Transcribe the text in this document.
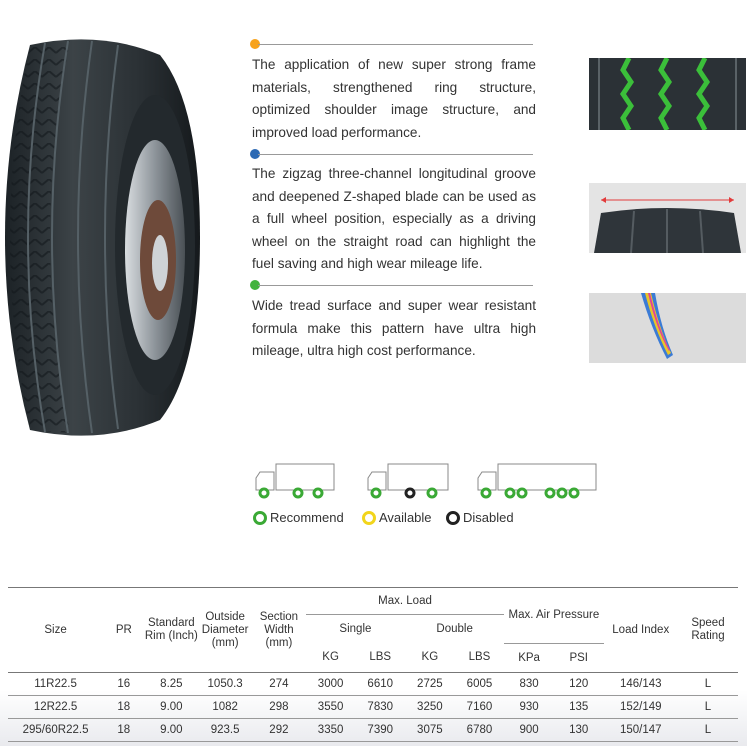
The application of new super strong frame materials, strengthened ring structure, optimized shoulder image structure, and improved load performance.
The zigzag three-channel longitudinal groove and deepened Z-shaped blade can be used as a full wheel position, especially as a driving wheel on the straight road can highlight the fuel saving and high wear mileage life.
Wide tread surface and super wear resistant formula make this pattern have ultra high mileage, ultra high cost performance.
Recommend	Available Disabled
Size	PR	Standard Rim (Inch)	Outside Diameter (mm)	Section Width (mm)	Max. Load				Max. Air Pressure		Load Index	Speed Rating
					Single		Double					
					KG	LBS	KG	LBS	KPa	PSI		
11R22.5	16	8.25	1050.3	274	3000	6610	2725	6005	830	120	146/143	L
12R22.5	18	9.00	1082	298	3550	7830	3250	7160	930	135	152/149	L
295/60R22.5	18	9.00	923.5	292	3350	7390	3075	6780	900	130	150/147	L
